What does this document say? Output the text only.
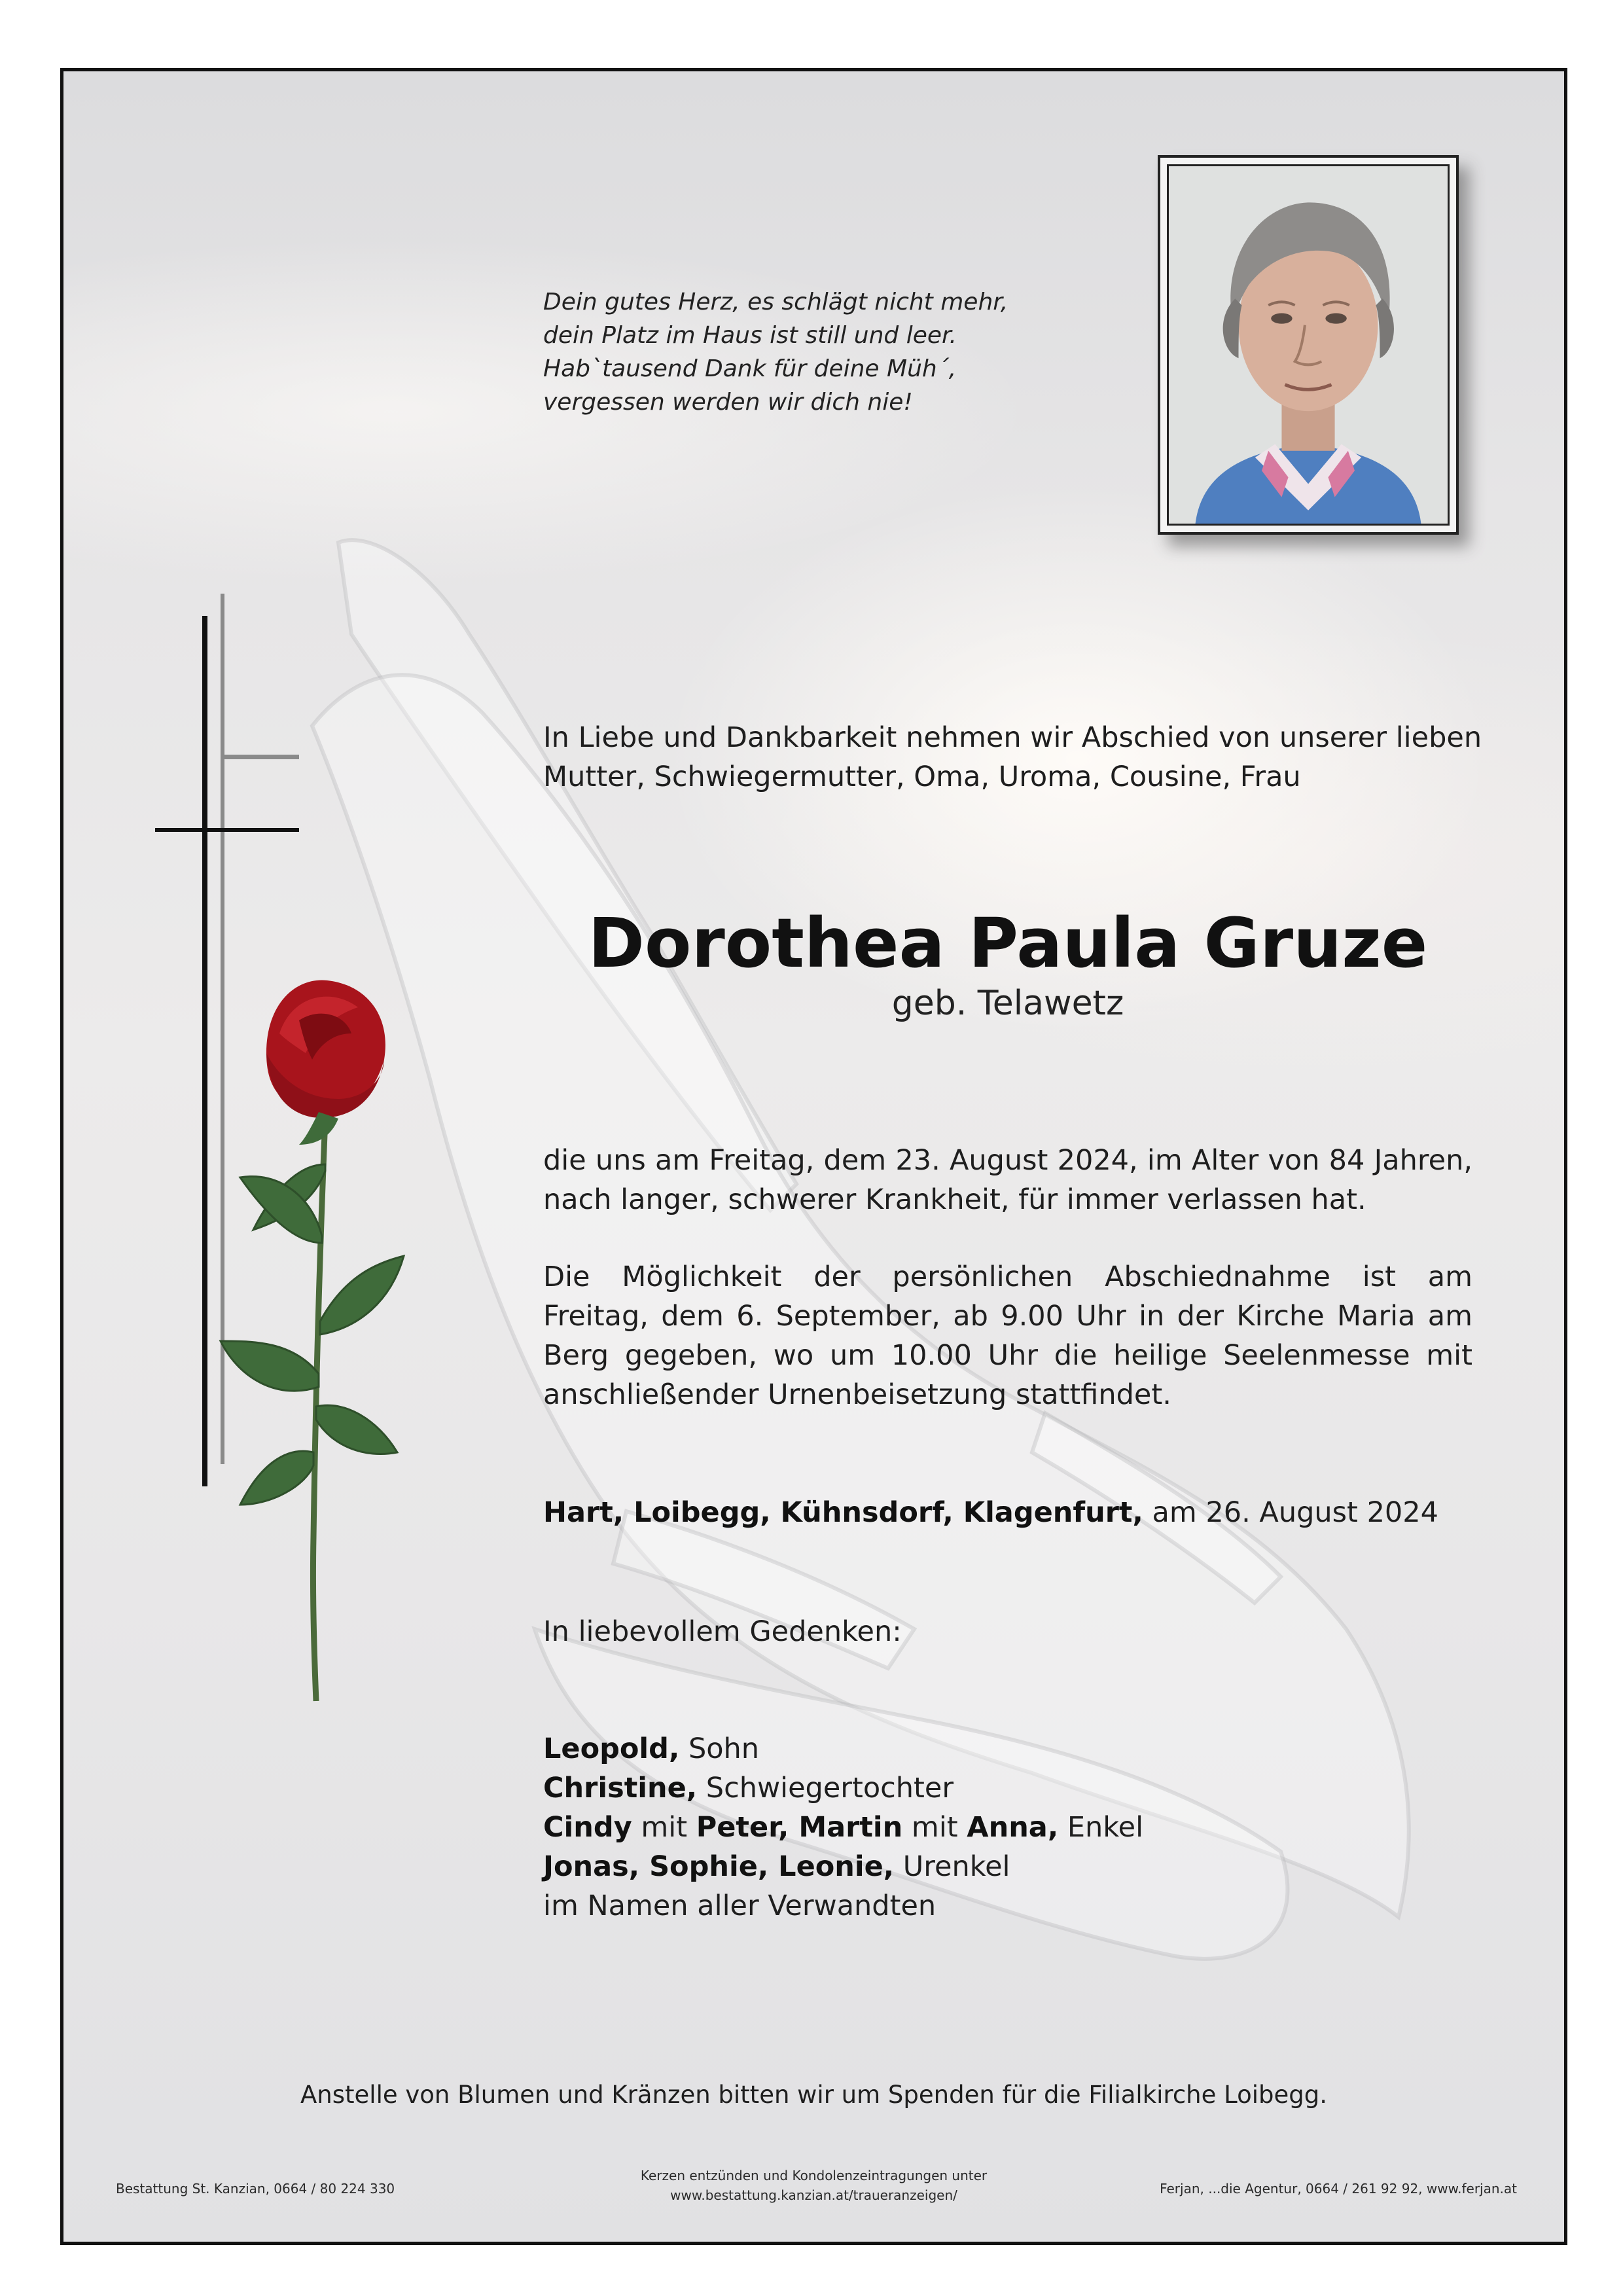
Dein gutes Herz, es schlägt nicht mehr,
dein Platz im Haus ist still und leer.
Hab`tausend Dank für deine Müh´,
vergessen werden wir dich nie!
In Liebe und Dankbarkeit nehmen wir Abschied von unserer lieben
Mutter, Schwiegermutter, Oma, Uroma, Cousine, Frau
Dorothea Paula Gruze
geb. Telawetz
die uns am Freitag, dem 23. August 2024, im Alter von 84 Jahren,
nach langer, schwerer Krankheit, für immer verlassen hat.
Die Möglichkeit der persönlichen Abschiednahme ist am
Freitag, dem 6. September, ab 9.00 Uhr in der Kirche Maria am
Berg gegeben, wo um 10.00 Uhr die heilige Seelenmesse mit
anschließender Urnenbeisetzung stattfindet.
Hart, Loibegg, Kühnsdorf, Klagenfurt, am 26. August 2024
In liebevollem Gedenken:
Leopold, Sohn
Christine, Schwiegertochter
Cindy mit Peter, Martin mit Anna, Enkel
Jonas, Sophie, Leonie, Urenkel
im Namen aller Verwandten
Anstelle von Blumen und Kränzen bitten wir um Spenden für die Filialkirche Loibegg.
Bestattung St. Kanzian, 0664 / 80 224 330
Kerzen entzünden und Kondolenzeintragungen unter
www.bestattung.kanzian.at/traueranzeigen/	Ferjan, ...die Agentur, 0664 / 261 92 92, www.ferjan.at
